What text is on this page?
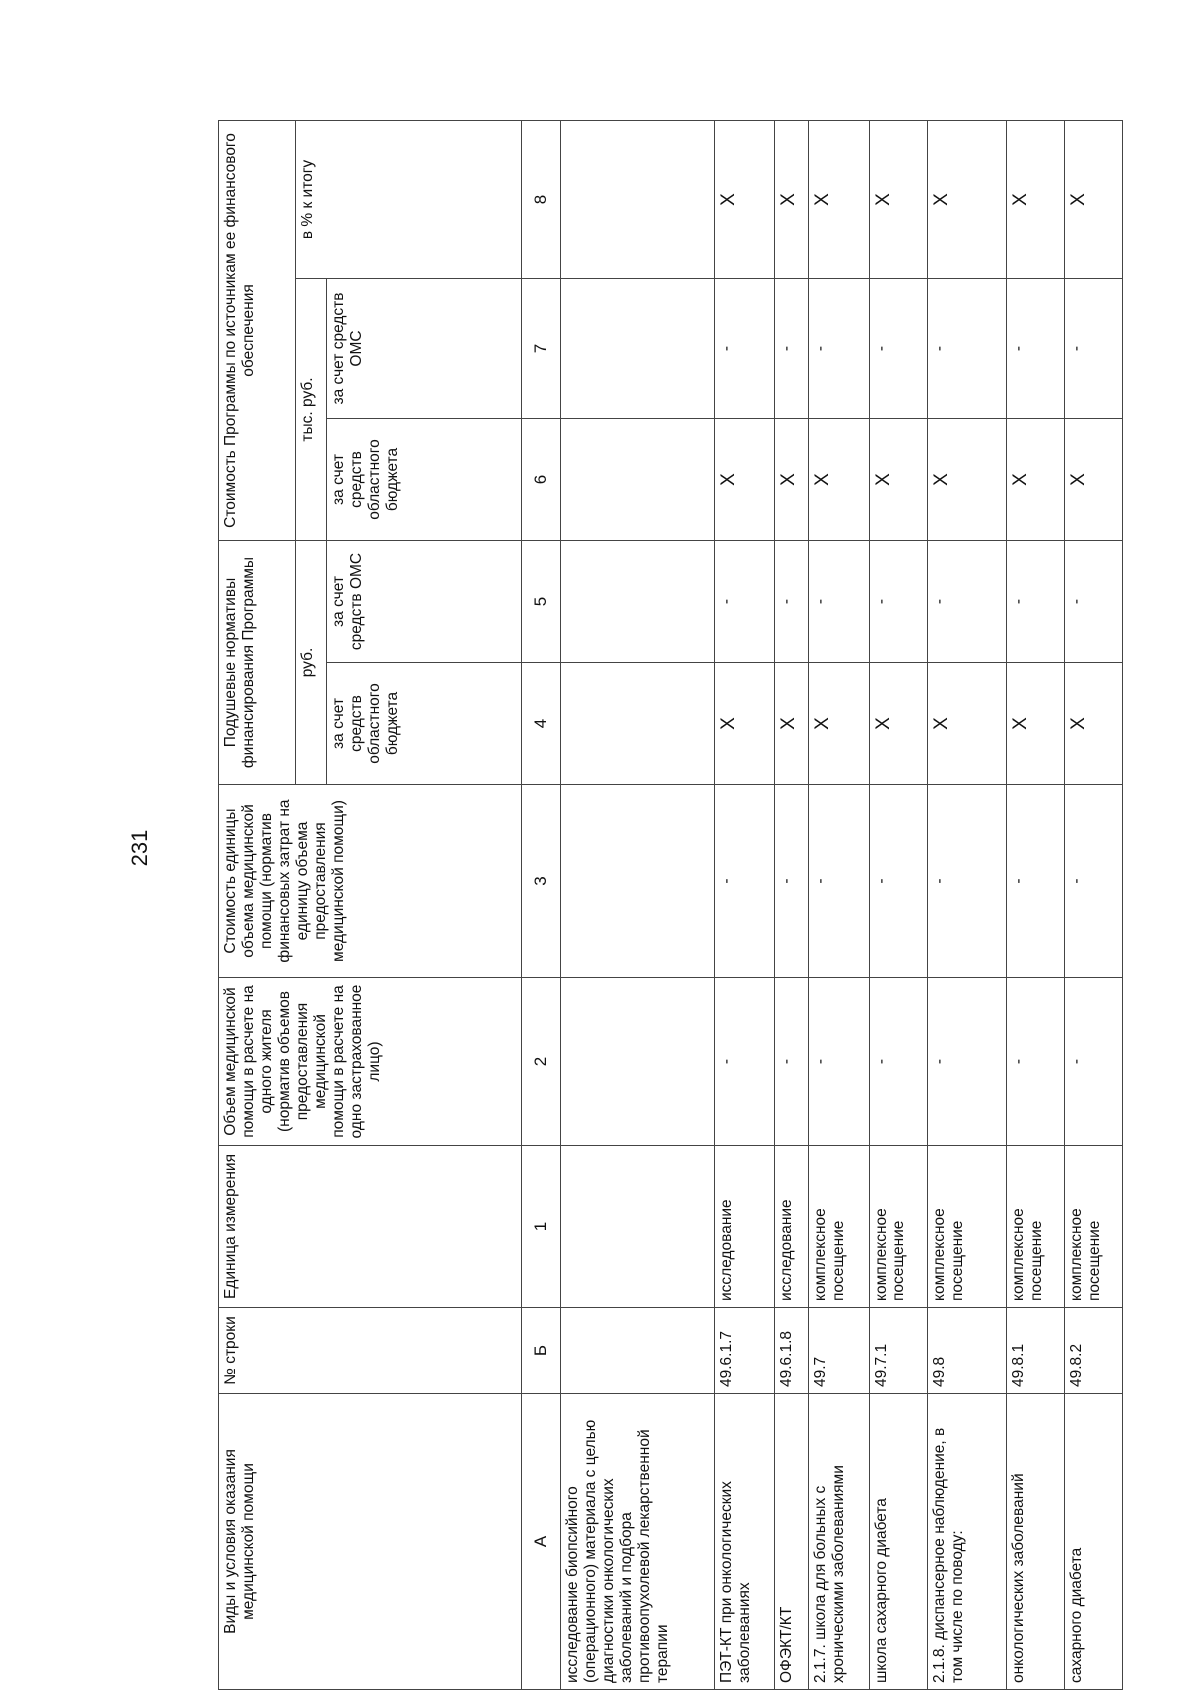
231
Виды и условия оказания медицинской помощи	№ строки	Единица измерения	Объем медицинской помощи в расчете на одного жителя (норматив объемов предоставления медицинской помощи в расчете на одно застрахованное лицо)	Стоимость единицы объема медицинской помощи (норматив финансовых затрат на единицу объема предоставления медицинской помощи)	Подушевые нормативы финансирования Программы		Стоимость Программы по источникам ее финансового обеспечения		
					руб.		тыс. руб.		в % к итогу
					за счет средств областного бюджета	за счет средств ОМС	за счет средств областного бюджета	за счет средств ОМС	
А	Б	1	2	3	4	5	6	7	8
исследование биопсийного (операционного) материала с целью диагностики онкологических заболеваний и подбора противоопухолевой лекарственной терапии									
ПЭТ-КТ при онкологических заболеваниях	49.6.1.7	исследование	-	-	X	-	X	-	X
ОФЭКТ/КТ	49.6.1.8	исследование	-	-	X	-	X	-	X
2.1.7. школа для больных с хроническими заболеваниями	49.7	комплексное посещение	-	-	X	-	X	-	X
школа сахарного диабета	49.7.1	комплексное посещение	-	-	X	-	X	-	X
2.1.8. диспансерное наблюдение, в том числе по поводу:	49.8	комплексное посещение	-	-	X	-	X	-	X
онкологических заболеваний	49.8.1	комплексное посещение	-	-	X	-	X	-	X
сахарного диабета	49.8.2	комплексное посещение	-	-	X	-	X	-	X
